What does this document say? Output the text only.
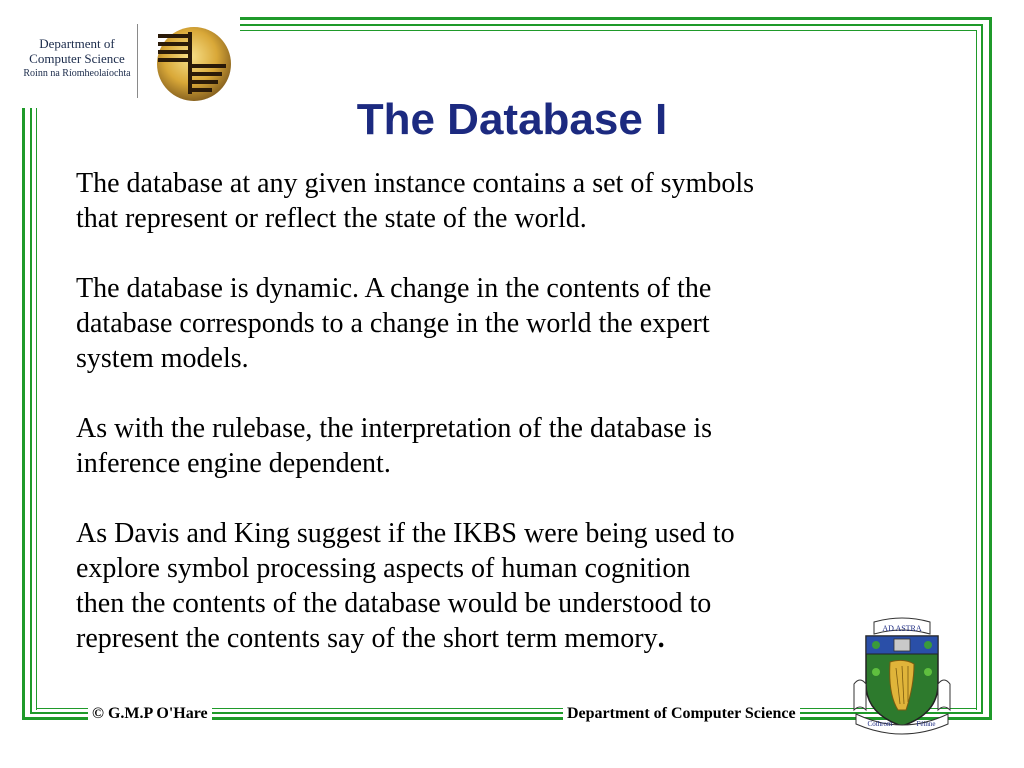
Department of
Computer Science
Roinn na Ríomheolaíochta
The Database I

The database at any given instance contains a set of symbols
that represent or reflect the state of the world.

The database is dynamic. A change in the contents of the
database corresponds to a change in the world the expert
system models.

As with the rulebase, the interpretation of the database is
inference engine dependent.

As Davis and King suggest if the IKBS were being used to
explore symbol processing aspects of human cognition
then the contents of the database would be understood to
represent the contents say of the short term memory.

© G.M.P O'Hare	Department of Computer Science
AD ASTRA
Cothrom	Féinne
